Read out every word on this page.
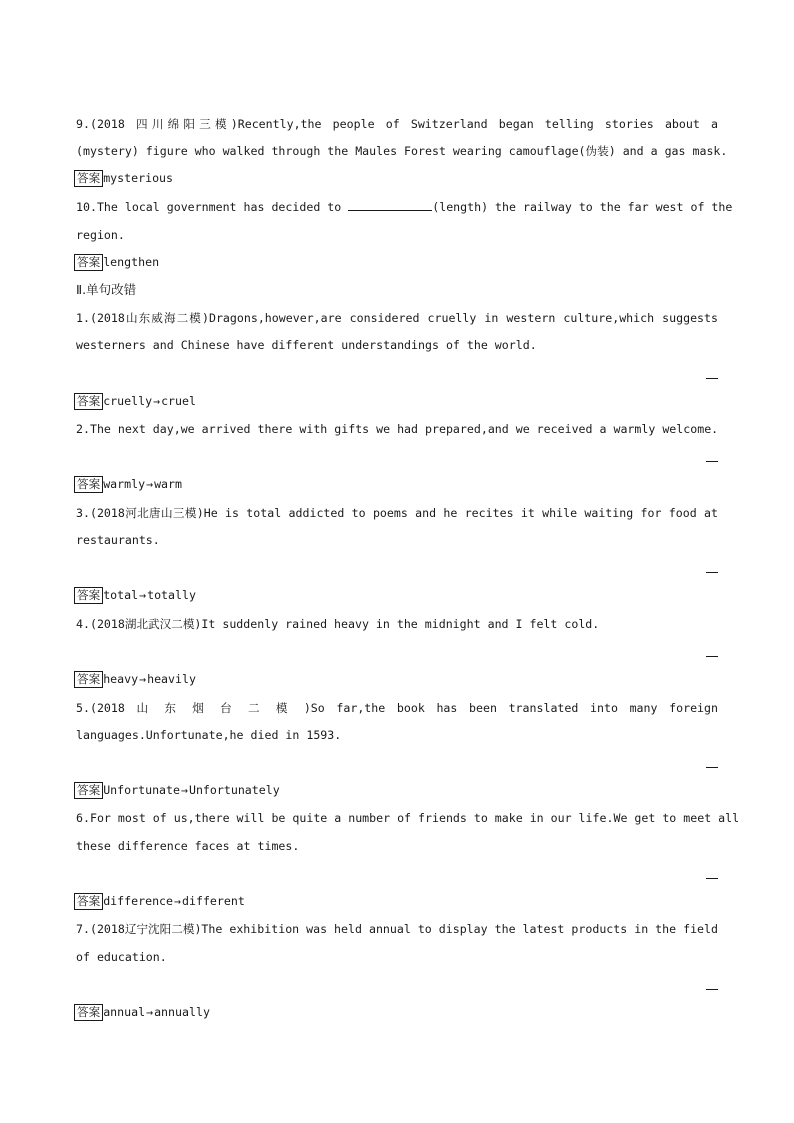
9.(2018 四川绵阳三模)Recently,the people of Switzerland began telling stories about a
(mystery) figure who walked through the Maules Forest wearing camouflage(伪装) and a gas mask.
答案 mysterious
10.The local government has decided to	(length) the railway to the far west of the
region.
答案 lengthen
Ⅱ.单句改错
1.(2018山东威海二模)Dragons,however,are considered cruelly in western culture,which suggests
westerners and Chinese have different understandings of the world.
答案 cruelly→cruel
2.The next day,we arrived there with gifts we had prepared,and we received a warmly welcome.
答案 warmly→warm
3.(2018河北唐山三模)He is total addicted to poems and he recites it while waiting for food at
restaurants.
答案 total→totally
4.(2018湖北武汉二模)It suddenly rained heavy in the midnight and I felt cold.
答案 heavy→heavily
5.(2018 山 东 烟 台 二 模 )So far,the book has been translated into many foreign
languages.Unfortunate,he died in 1593.
答案 Unfortunate→Unfortunately
6.For most of us,there will be quite a number of friends to make in our life.We get to meet all
these difference faces at times.
答案 difference→different
7.(2018辽宁沈阳二模)The exhibition was held annual to display the latest products in the field
of education.
答案 annual→annually
